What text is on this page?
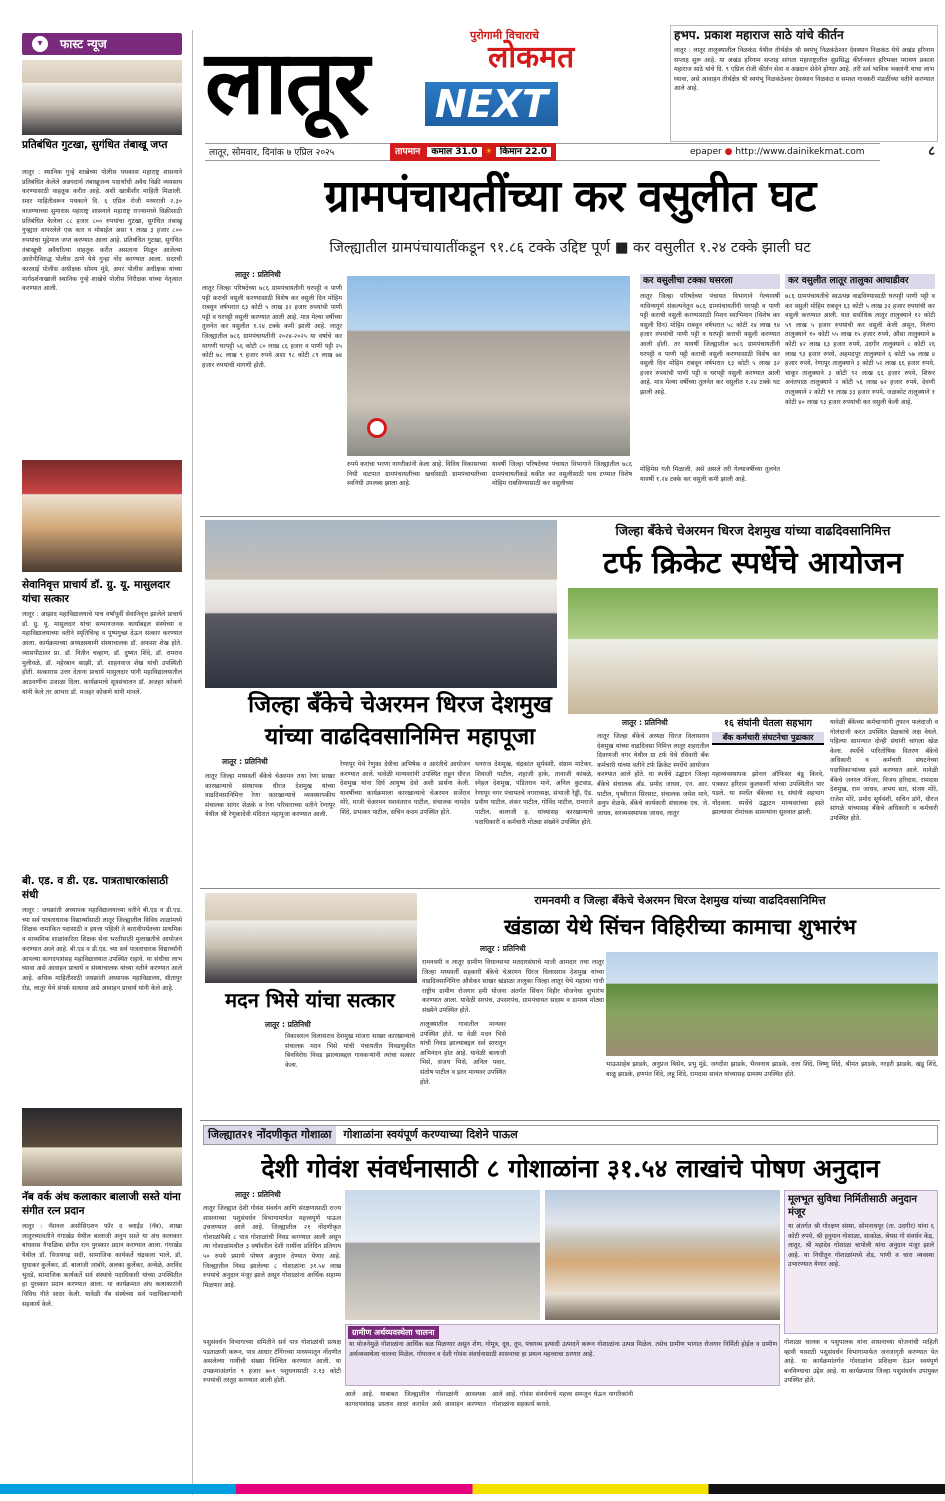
▾	फास्ट न्यूज
प्रतिबंधित गुटखा, सुगंधित तंबाखू जप्त
लातूर : स्थानिक गुन्हे शाखेच्या पोलीस पथकास महाराष्ट्र शासनाने प्रतिबंधित केलेले अन्नपदार्थ तंबाखूजन्य पदार्थांची अवैध विक्री व्यवसाय करण्यासाठी वाहतूक करीत आहे. अशी खात्रीशीर माहिती मिळाली. सदर माहितीवरून पथकाने दि. ६ एप्रिल रोजी मध्यरात्री २.३० वाजण्याच्या सुमारास महाराष्ट्र शासनाने महाराष्ट्र राज्यामध्ये विक्रीसाठी प्रतिबंधित केलेला ८८ हजार ८०० रुपयांचा गुटखा, सुगंधित तंबाखू गुन्ह्यात वापरलेले एक कार व मोबाईल असा ९ लाख ३ हजार ८०० रुपयांचा मुद्देमाल जप्त करण्यात आला आहे. प्रतिबंधित गुटखा, सुगंधित तंबाखूची अवैधरित्या वाहतूक करीत असताना मिळून आलेल्या आरोपीविरुद्ध पोलीस ठाणे येथे गुन्हा नोंद करण्यात आला. सदरची कारवाई पोलीस अधीक्षक सोमय मुंडे, अपर पोलीस अधीक्षक यांच्या मार्गदर्शनाखाली स्थानिक गुन्हे शाखेचे पोलीस निरीक्षक यांच्या नेतृत्वात करण्यात आली.
सेवानिवृत्त प्राचार्य डॉ. ग्रु. यू. मासुलदार यांचा सत्कार
लातूर : आझाद महाविद्यालयाचे पाच वर्षांपूर्वी सेवानिवृत्त झालेले प्राचार्य डॉ. ग्रु. यू. मासुलदार यांचा सन्मानजनक कार्याबद्दल संस्थेच्या व महाविद्यालयाच्या वतीने स्मृतिचिन्ह व पुष्पगुच्छ देऊन सत्कार करण्यात आला. कार्यक्रमाच्या अध्यक्षस्थानी संस्थाचालक डॉ. अफसर शेख होते. व्यासपीठावर प्रा. डॉ. नितीन चव्हाण, डॉ. दुष्यंत शिंदे, डॉ. रामराव मुलीवळे, डॉ. महेरबान काझी, डॉ. शाहनवाज शेख यांची उपस्थिती होती. सत्कारास उत्तर देताना प्राचार्य मासुलदार यांनी महाविद्यालयातील आठवणींना उजाळा दिला. कार्यक्रमाचे सूत्रसंचालन डॉ. अजहर कोकणे यांनी केले तर आभार डॉ. मजहर कोकणे यांनी मानले.
बी. एड. व डी. एड. पात्रताधारकांसाठी संधी
लातूर : जयक्रांती अध्यापक महाविद्यालयाच्या वतीने बी.एड व डी.एड. च्या सर्व पात्रताधारक विद्यार्थ्यांसाठी लातूर जिल्ह्यातील विविध शाळांमध्ये शिक्षक नामांकित पदासाठी व इयत्ता पहिली ते बारावीपर्यंतच्या प्राथमिक व माध्यमिक शाळांकरिता शिक्षक सेवा भरतीसाठी मुलाखतीचे आयोजन करण्यात आले आहे. बी.एड व डी.एड. च्या सर्व पात्रताधारक विद्यार्थ्यांनी आपल्या कागदपत्रांसह महाविद्यालयात उपस्थित राहावे. या संधीचा लाभ घ्यावा असे आवाहन प्राचार्य व संस्थाचालक यांच्या वतीने करण्यात आले आहे. अधिक माहितीसाठी जयक्रांती अध्यापक महाविद्यालय, सीतापुर रोड, लातूर येथे संपर्क साधावा असे आवाहन प्राचार्य यांनी केले आहे.
नॅब वर्क अंध कलाकार बालाजी सस्ते यांना संगीत रत्न प्रदान
लातूर : नॅशनल असोसिएशन फॉर द ब्लाईंड (नॅब), शाखा लातूरच्यावतीने गंगाखेड येथील बालाजी अनुप सस्ते या अंध कलाकार बांधवास नैपाळिक संगीत रत्न पुरस्कार प्रदान करण्यात आला. गंगाखेड येथील डॉ. विजयगढ़ सदी, सामाजिक कार्यकर्ते चंद्रकला भाले, डॉ. सुधाकर कुर्लेकर, डॉ. बालाजी जांबोरे, अलका कुर्लेकर, अन्वेळे, अरविंद भुतडे, सामाजिक कार्यकर्ते सर्व संस्थांचे पदाधिकारी यांच्या उपस्थितीत हा पुरस्कार प्रदान करण्यात आला. या कार्यक्रमात अंध कलाकारांनी विविध गीते सादर केली. यावेळी नॅब संस्थेच्या सर्व पदाधिकाऱ्यांनी सहकार्य केले.
लातूर	पुरोगामी विचाराचे
लोकमत
NEXT
लातूर, सोमवार, दिनांक ७ एप्रिल २०२५	तापमान कमाल 31.0 ☀ किमान 22.0	epaper ● http://www.dainikekmat.com	८
हभप. प्रकाश महाराज साठे यांचे कीर्तन
लातूर : लातूर तालुक्यातील निळकंठ येथील तीर्थक्षेत्र श्री स्वयंभू निळकंठेश्वर देवस्थान निळकंठ येथे अखंड हरिनाम सप्ताह सुरू आहे. या अखंड हरिनाम सप्ताह सांगता महाराष्ट्रातील सुप्रसिद्ध कीर्तनकार हरिभक्त परायण प्रकाश महाराज साठे यांचे दि. ९ एप्रिल रोजी कीर्तन सेवा व अन्नदान सेवेने होणार आहे. तरी सर्व भाविक भक्तांनी याचा लाभ घ्यावा, असे आवाहन तीर्थक्षेत्र श्री स्वयंभू निळकंठेश्वर देवस्थान निळकंठ व समस्त गावकरी मंडळींच्या वतीने करण्यात आले आहे.
ग्रामपंचायतींच्या कर वसुलीत घट
जिल्ह्यातील ग्रामपंचायातींकडून ९१.८६ टक्के उद्दिष्ट पूर्ण ■ कर वसुलीत १.२४ टक्के झाली घट
लातूर : प्रतिनिधी
लातूर जिल्हा परिषदेच्या ७८६ ग्रामपंचायतीनी घरपट्टी व पाणी पट्टी कराची वसुली करण्यासाठी विशेष कर वसुली दिन मोहिम राबवून वर्षभरात ६३ कोटी ५ लाख ३२ हजार रुपयांची पाणी पट्टी व घरपट्टी वसुली करण्यात आली आहे. मात्र मेल्या वर्षीच्या तुलनेत कर वसुलीत १.२४ टक्के कमी झाली आहे. लातूर जिल्ह्यातील ७८६ ग्रामपंचायतींनी २०२४-२०२५ या वर्षाचे कर मागणी घरपट्टी ५६ कोटी ८० लाख ८६ हजार व पाणी पट्टी २५ कोटी ७८ लाख ९ हजार रुपये अशा ९८ कोटी ८९ लाख ७४ हजार रुपयांची मागणी होती.
रुपये करांचा भरणा नागरीकांनी केला आहे. विविध विकासाच्या निधी वाटपात ग्रामपंचायतीच्या खर्चासाठी ग्रामपंचायतीच्या स्वनिधी उपलब्ध झाला आहे.
यावर्षी जिल्हा परिषदेच्या पंचायत विभागाने जिल्ह्यातील ७८६ ग्रामपंचायतींकडे थकीत कर वसुलीसाठी पाच टप्प्यात विशेष मोहिम राबविण्यासाठी कर वसुलीच्या
कर वसुलीचा टक्का घसरला
लातूर जिल्हा परिषदेच्या पंचायत विभागाने गेल्यावर्षी नाविन्यपूर्ण संकल्पनेतून ७८६ ग्रामपंचायतींनी घरपट्टी व पाणी पट्टी कराची वसुली करण्यासाठी मिशन स्वाभिमान (विशेष कर वसुली दिन) मोहिम राबवून वर्षभरात ५८ कोटी २४ लाख ९४ हजार रुपयांची पाणी पट्टी व घरपट्टी कराची वसुली करण्यात आली होती. तर यावर्षी जिल्ह्यातील ७८६ ग्रामपंचायतींनी घरपट्टी व पाणी पट्टी कराची वसुली करण्यासाठी विशेष कर वसुली दिन मोहिम राबवून वर्षभरात ६३ कोटी ५ लाख ३२ हजार रुपयांची पाणी पट्टी व घरपट्टी वसुली करण्यात आली आहे. मात्र मेल्या वर्षीच्या तुलनेत कर वसुलीत १.२४ टक्के घट झाली आहे.
मोहिमेस गती मिळाली. असे असले तरी गेल्यावर्षीच्या तुलनेत यावर्षी १.२४ टक्के कर वसुली कमी झाली आहे.
कर वसुलीत लातूर तालुका आघाडीवर
७८६ ग्रामपंचायतीचे स्वउत्पन्न वाढविण्यासाठी घरपट्टी पाणी पट्टी व कर वसुली मोहिम राबवून ६३ कोटी ५ लाख ३२ हजार रुपयांची कर वसुली करण्यात आली. यात सर्वाधिक लातूर तालुक्याने १२ कोटी ५९ लाख ५ हजार रुपयांची कर वसुली केली असून, निलंगा तालुक्याने १० कोटी ५५ लाख १५ हजार रुपये, औसा तालुक्याने ७ कोटी ४२ लाख ६३ हजार रुपये, उदगीर तालुक्याने ८ कोटी २६ लाख ९३ हजार रुपये, अहमदपूर तालुक्याने ६ कोटी ५७ लाख ४ हजार रुपये, रेणापूर तालुक्याने ३ कोटी ५२ लाख ६६ हजार रुपये, चाकूर तालुक्याने ३ कोटी ९२ लाख ६६ हजार रुपये, शिरूर अनंतपाळ तालुक्याने २ कोटी ५६ लाख ७२ हजार रुपये, देवणी तालुक्याने २ कोटी ९१ लाख ३३ हजार रुपये, जळकोट तालुक्याने १ कोटी ४० लाख ९३ हजार रुपयांची कर वसुली केली आहे.
जिल्हा बँकेचे चेअरमन धिरज देशमुख
यांच्या वाढदिवसानिमित्त महापूजा
लातूर : प्रतिनिधी
लातूर जिल्हा मध्यवर्ती बँकेचे चेअरमन तथा रेणा साखर कारखान्याचे संस्थापक धीरज देशमुख यांच्या वाढदिवसानिमित्त रेणा कारखान्याचे व्यवस्थापकीय संचालक सांगर शेळके व रेणा परिवाराच्या वतीने रेणापूर येथील श्री रेणुकादेवी मंदिरात महापूजा करण्यात आली.
रेणापूर येथे रेणुका देवीचा अभिषेक व आरतीचे आयोजन करण्यात आले. यावेळी मान्यवरांनी उपस्थित राहून धीरज देशमुख यांना दिर्घ आयुष्य देवो अशी प्रार्थना केली. यावर्षीच्या कार्यक्रमाला कारखान्याचे चेअरमन सर्जेराव मोरे, माजी चेअरमन यशवंतराव पाटील, संचालक नामदेव शिंदे, प्रभाकर पाटील, सचिन कदम उपस्थित होते.
धनराज देशमुख, चंद्रकांत सूर्यवंशी, संग्राम माटेकर, शिवाजी पाटील, शहाजी हाके, तानाजी कांबळे, स्नेहल देशमुख, पंडितराव माने, अनिल कुटवाड, रेणापूर नगर पंचायतचे नगराध्यक्ष, संभाजी रेड्डी, ऍड. प्रवीण पाटील, शंकर पाटील, गोविंद पाटील, रामराजे पाटील, बालाजी ह. यांच्यासह कारखान्याचे पदाधिकारी व कर्मचारी मोठ्या संख्येने उपस्थित होते.
जिल्हा बँकेचे चेअरमन धिरज देशमुख यांच्या वाढदिवसानिमित्त
टर्फ क्रिकेट स्पर्धेचे आयोजन
लातूर : प्रतिनिधी
लातूर जिल्हा बँकेचे अध्यक्ष धिरज विलासराव देशमुख यांच्या वाढदिवसा निमित्त लातूर शहरातील दिवाणजी नगर येथील ग्रा टर्फ येथे रविवारी बँक कर्मचारी यांच्या वतीने टर्फ क्रिकेट स्पर्धेचे आयोजन करण्यात आले होते. या स्पर्धेचे उद्घाटन जिल्हा बँकेचे संचालक अ‍ॅड. प्रमोद जाधव, एन. आर. पाटील, पृथ्वीराज सिरसाट, संचालक जयेश माने, अनुप शेळके, बँकेचे कार्यकारी संचालक एच. जे. जाधव, सरव्यवस्थापक जाधव, लातूर
१६ संघांनी घेतला सहभाग
बँक कर्मचारी संघटनेचा पुढाकार
महाव्यवस्थापक झोनल ऑफिसर बंडू किरवे, पत्रकार हरिराम कुलकर्णी यांच्या उपस्थितीत पार पडले. या स्पर्धेत बँकेच्या १६ संघांनी सहभाग नोंदवला. स्पर्धेचे उद्घाटन मान्यवरांच्या हस्ते झाल्यावर रोमांचक सामन्यांना सुरुवात झाली.
यावेळी बँकेच्या कर्मचाऱ्यांनी तुफान फलंदाजी व गोलंदाजी करत उपस्थित प्रेक्षकांचे लक्ष वेधले. पहिल्या सामन्यात दोन्ही संघांनी चांगला खेळ केला. स्पर्धेचे पारितोषिक वितरण बँकेचे अधिकारी व कर्मचारी संघटनेच्या पदाधिकाऱ्यांच्या हस्ते करण्यात आले. यावेळी बँकेचे जनरल मॅनेजर, विजय हरिदास, रामदास देशमुख, राम जाधव, अभय सार, संजय मोरे, राजेश मोरे, प्रमोद सूर्यवंशी, सचिन डांगे, धीरज सांगळे यांच्यासह बँकेचे अधिकारी व कर्मचारी उपस्थित होते.
मदन भिसे यांचा सत्कार
लातूर : प्रतिनिधी
विकासरत्न विलासराव देशमुख मांजरा साखर कारखान्याचे संचालक मदन भिसे यांची पंचायतीत निवडणुकीत बिनविरोध निवड झाल्याबद्दल गावकऱ्यांनी त्यांचा सत्कार केला.
तालुक्यातील गावातील मान्यवर उपस्थित होते. या वेळी मदन भिसे यांची निवड झाल्याबद्दल सर्व स्तरातून अभिनंदन होत आहे. यावेळी बालाजी भिसे, संजय भिसे, अनिल पवार, संतोष पाटील व इतर मान्यवर उपस्थित होते.
रामनवमी व जिल्हा बँकेचे चेअरमन धिरज देशमुख यांच्या वाढदिवसानिमित्त
खंडाळा येथे सिंचन विहिरीच्या कामाचा शुभारंभ
लातूर : प्रतिनिधी
रामनवमी व लातूर ग्रामीण विधानसभा मतदारसंघाचे माजी आमदार तथा लातूर जिल्हा मध्यवर्ती सहकारी बँकेचे चेअरमन धिरज विलासराव देशमुख यांच्या वाढदिवसानिमित्त औसेकर साखर खंडाळा तालुका जिल्हा लातूर येथे महात्मा गांधी राष्ट्रीय ग्रामीण रोजगार हमी योजना अंतर्गत सिंचन विहीर योजनेचा शुभारंभ करण्यात आला. यावेळी सरपंच, उपसरपंच, ग्रामपंचायत सदस्य व ग्रामस्थ मोठ्या संख्येने उपस्थित होते.
भाऊसाहेब झाडके, अनुप्रज बिसेन, प्रभु मुंडे, जगदीश झाडके, भैरवनाथ झाडके, दत्ता शिंदे, विष्णू शिंदे, श्रीमंत झाडके, नरहरी झाडके, खंडू शिंदे, बाळू झाडके, हणमंत शिंदे, लहू शिंदे, रामदास सावंत यांच्यासह ग्रामस्थ उपस्थित होते.
जिल्ह्यात२१ नोंदणीकृत गोशाळा गोशाळांना स्वयंपूर्ण करण्याच्या दिशेने पाऊल
देशी गोवंश संवर्धनासाठी ८ गोशाळांना ३१.५४ लाखांचे पोषण अनुदान
लातूर : प्रतिनिधी
लातूर जिल्ह्यात देशी गोवंश संवर्धन आणि संरक्षणासाठी राज्य शासनाच्या पशुसंवर्धन विभागामार्फत महत्त्वपूर्ण पाऊल उचलण्यात आले आहे. जिल्ह्यातील २१ नोंदणीकृत गोशाळांपैकी ८ पात्र गोशाळांची निवड करण्यात आली असून त्या गोशाळांमधील ३ वर्षांवरील देशी गायींना प्रतिदिन प्रतिगाय ५० रुपये प्रमाणे पोषण अनुदान देण्यात येणार आहे. जिल्ह्यातील निवड झालेल्या ८ गोशाळांना ३१.५४ लाख रुपयांचे अनुदान मंजूर झाले असून गोशाळांना आर्थिक सहाय्य मिळणार आहे.
पशुसंवर्धन विभागाच्या समितीने सर्व पात्र गोशाळांची प्रत्यक्ष पडताळणी करून, पात्र आधार टॅगिंगच्या माध्यमातून नोंदणीत असलेल्या गायींची संख्या निश्चित करण्यात आली. या उपक्रमाअंतर्गत ९ हजार ७०१ पशुधनासाठी २.१३ कोटी रुपयांची तरतूद करण्यात आली होती.
ग्रामीण अर्थव्यवस्थेला चालना
या योजनेमुळे गोशाळांना आर्थिक बळ मिळणार असून शेण, गोमूत्र, दूध, तूप, पंचगव्य इत्यादी उत्पादने करून गोशाळांना उत्पन्न मिळेल. तसेच ग्रामीण भागात रोजगार निर्मिती होईल व ग्रामीण अर्थव्यवस्थेला चालना मिळेल. गोपालन व देशी गोवंश संवर्धनासाठी शासनाचा हा प्रयत्न महत्त्वाचा ठरणार आहे.
आले आहे. याबाबत जिल्ह्यातील गोशाळांनी आवश्यक कागदपत्रांसह प्रस्ताव सादर करावेत असे आवाहन करण्यात आले आहे. गोवंश संवर्धनाचे महत्त्व समजून घेऊन नागरिकांनी गोशाळांना सहकार्य करावे.
मूलभूत सुविधा निर्मितीसाठी अनुदान मंजूर
या अंतर्गत श्री गोरक्षण संस्था, सोमनाथपूर (ता. उदगीर) यांना ६ कोटी रुपये, श्री हनुमान गोशाळा, साकोळ, श्रेयस गो संवर्धन केंद्र, लातूर, श्री महादेव गोशाळा चापोली यांना अनुदान मंजूर झाले आहे. या निधीतून गोशाळांमध्ये शेड, पाणी व चारा व्यवस्था उभारण्यात येणार आहे.
गोशाळा चालक व पशुपालक यांना शासनाच्या योजनांची माहिती व्हावी यासाठी पशुसंवर्धन विभागामार्फत जनजागृती करण्यात येत आहे. या कार्यक्रमांतर्गत गोशाळांना प्रशिक्षण देऊन स्वयंपूर्ण बनविण्याचा उद्देश आहे. या कार्यक्रमास जिल्हा पशुसंवर्धन उपायुक्त उपस्थित होते.
